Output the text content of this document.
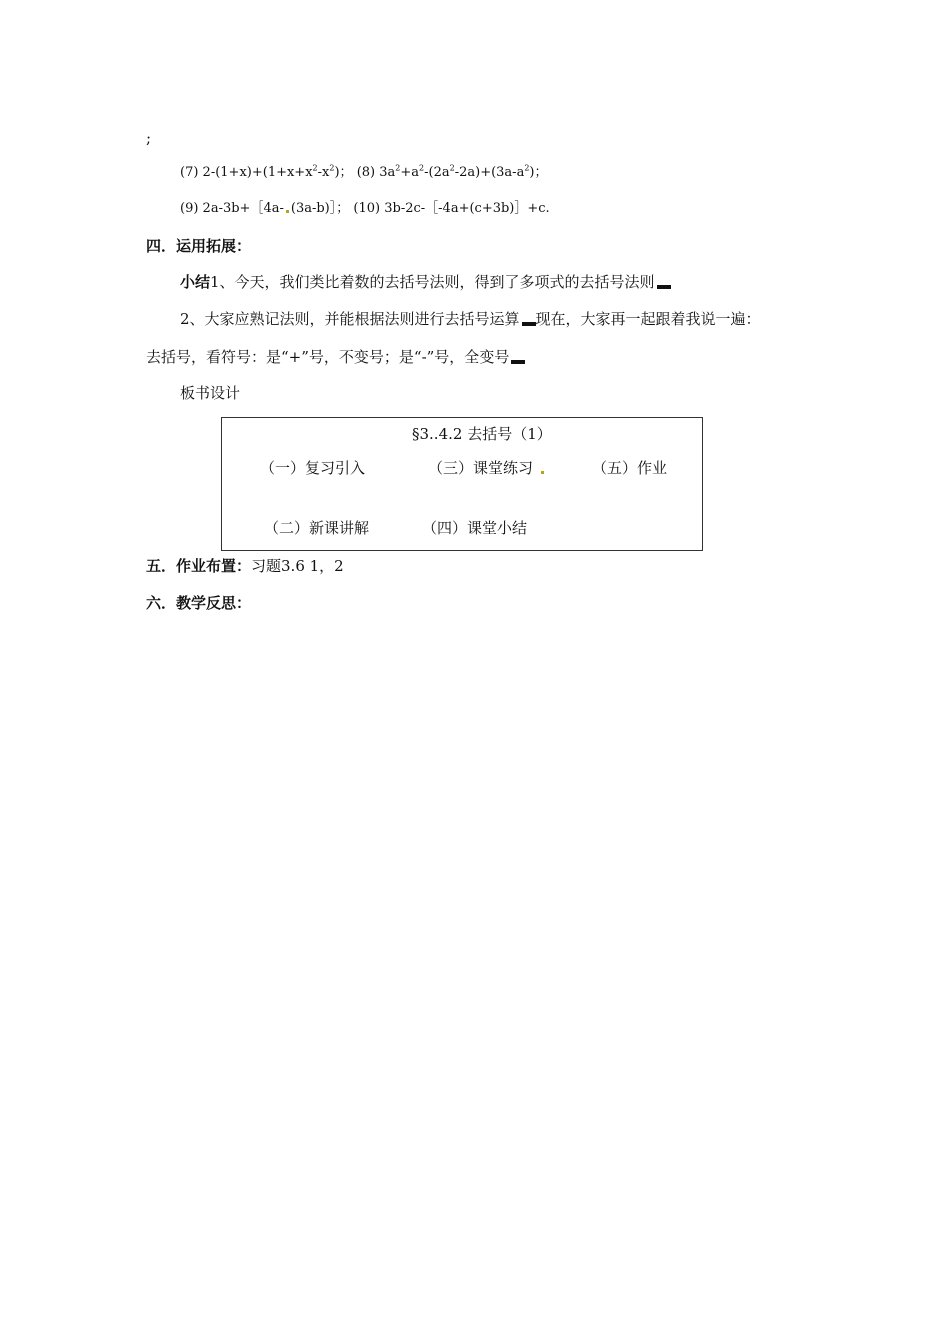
;
(7) $2-(1+x)+(1+x+x^2-x^2)$； (8) $3a^2+a^2-(2a^2-2a)+(3a-a^2)$；
(9) 2a-3b+［4a- (3a-b)］； (10) 3b-2c-［-4a+(c+3b)］+c.
四．运用拓展：
小结1、今天，我们类比着数的去括号法则，得到了多项式的去括号法则
2、大家应熟记法则，并能根据法则进行去括号运算 现在，大家再一起跟着我说一遍：
去括号，看符号：是“+”号，不变号；是“-”号，全变号
板书设计
§3..4.2 去括号（1）
（一）复习引入	（三）课堂练习	（五）作业
（二）新课讲解	（四）课堂小结
五．作业布置：习题3.6 1，2
六．教学反思：
